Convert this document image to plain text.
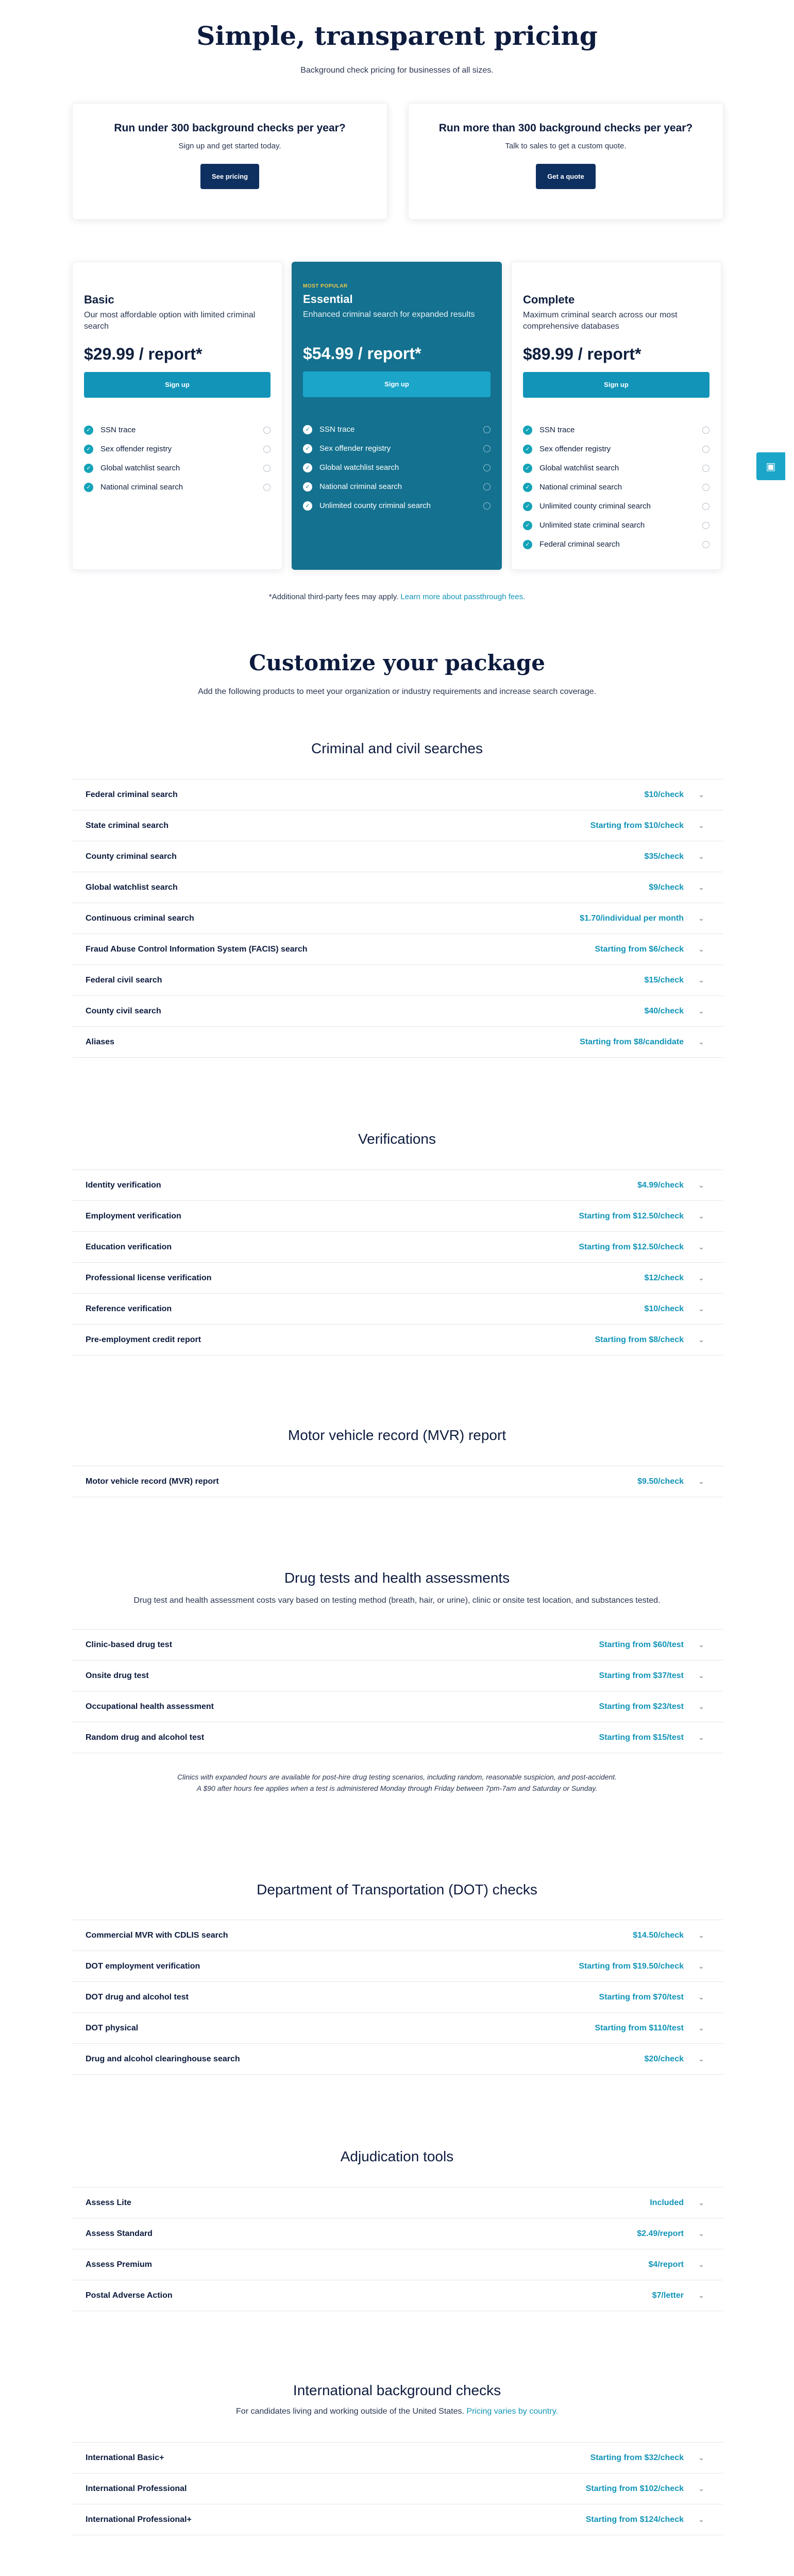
Simple, transparent pricing

Background check pricing for businesses of all sizes.

Run under 300 background checks per year?

Sign up and get started today.

See pricing
Run more than 300 background checks per year?

Talk to sales to get a custom quote.

Get a quote
Basic
Our most affordable option with limited criminal search
$29.99 / report*
Sign up
✓ SSN trace
✓ Sex offender registry
✓ Global watchlist search
✓ National criminal search
MOST POPULAR
Essential
Enhanced criminal search for expanded results
$54.99 / report*
Sign up
✓ SSN trace
✓ Sex offender registry
✓ Global watchlist search
✓ National criminal search
✓ Unlimited county criminal search
Complete
Maximum criminal search across our most comprehensive databases
$89.99 / report*
Sign up
✓ SSN trace
✓ Sex offender registry
✓ Global watchlist search
✓ National criminal search
✓ Unlimited county criminal search
✓ Unlimited state criminal search
✓ Federal criminal search
▣

*Additional third-party fees may apply. Learn more about passthrough fees.

Customize your package

Add the following products to meet your organization or industry requirements and increase search coverage.

Criminal and civil searches
Federal criminal search	$10/check	⌄
State criminal search	Starting from $10/check	⌄
County criminal search	$35/check	⌄
Global watchlist search	$9/check	⌄
Continuous criminal search	$1.70/individual per month	⌄
Fraud Abuse Control Information System (FACIS) search	Starting from $6/check	⌄
Federal civil search	$15/check	⌄
County civil search	$40/check	⌄
Aliases	Starting from $8/candidate	⌄
Verifications
Identity verification	$4.99/check	⌄
Employment verification	Starting from $12.50/check	⌄
Education verification	Starting from $12.50/check	⌄
Professional license verification	$12/check	⌄
Reference verification	$10/check	⌄
Pre-employment credit report	Starting from $8/check	⌄
Motor vehicle record (MVR) report
Motor vehicle record (MVR) report	$9.50/check	⌄
Drug tests and health assessments

Drug test and health assessment costs vary based on testing method (breath, hair, or urine), clinic or onsite test location, and substances tested.

Clinic-based drug test	Starting from $60/test	⌄
Onsite drug test	Starting from $37/test	⌄
Occupational health assessment	Starting from $23/test	⌄
Random drug and alcohol test	Starting from $15/test	⌄
Clinics with expanded hours are available for post-hire drug testing scenarios, including random, reasonable suspicion, and post-accident.
A $90 after hours fee applies when a test is administered Monday through Friday between 7pm-7am and Saturday or Sunday.
Department of Transportation (DOT) checks
Commercial MVR with CDLIS search	$14.50/check	⌄
DOT employment verification	Starting from $19.50/check	⌄
DOT drug and alcohol test	Starting from $70/test	⌄
DOT physical	Starting from $110/test	⌄
Drug and alcohol clearinghouse search	$20/check	⌄
Adjudication tools
Assess Lite	Included	⌄
Assess Standard	$2.49/report	⌄
Assess Premium	$4/report	⌄
Postal Adverse Action	$7/letter	⌄
International background checks

For candidates living and working outside of the United States. Pricing varies by country.

International Basic+	Starting from $32/check	⌄
International Professional	Starting from $102/check	⌄
International Professional+	Starting from $124/check	⌄
